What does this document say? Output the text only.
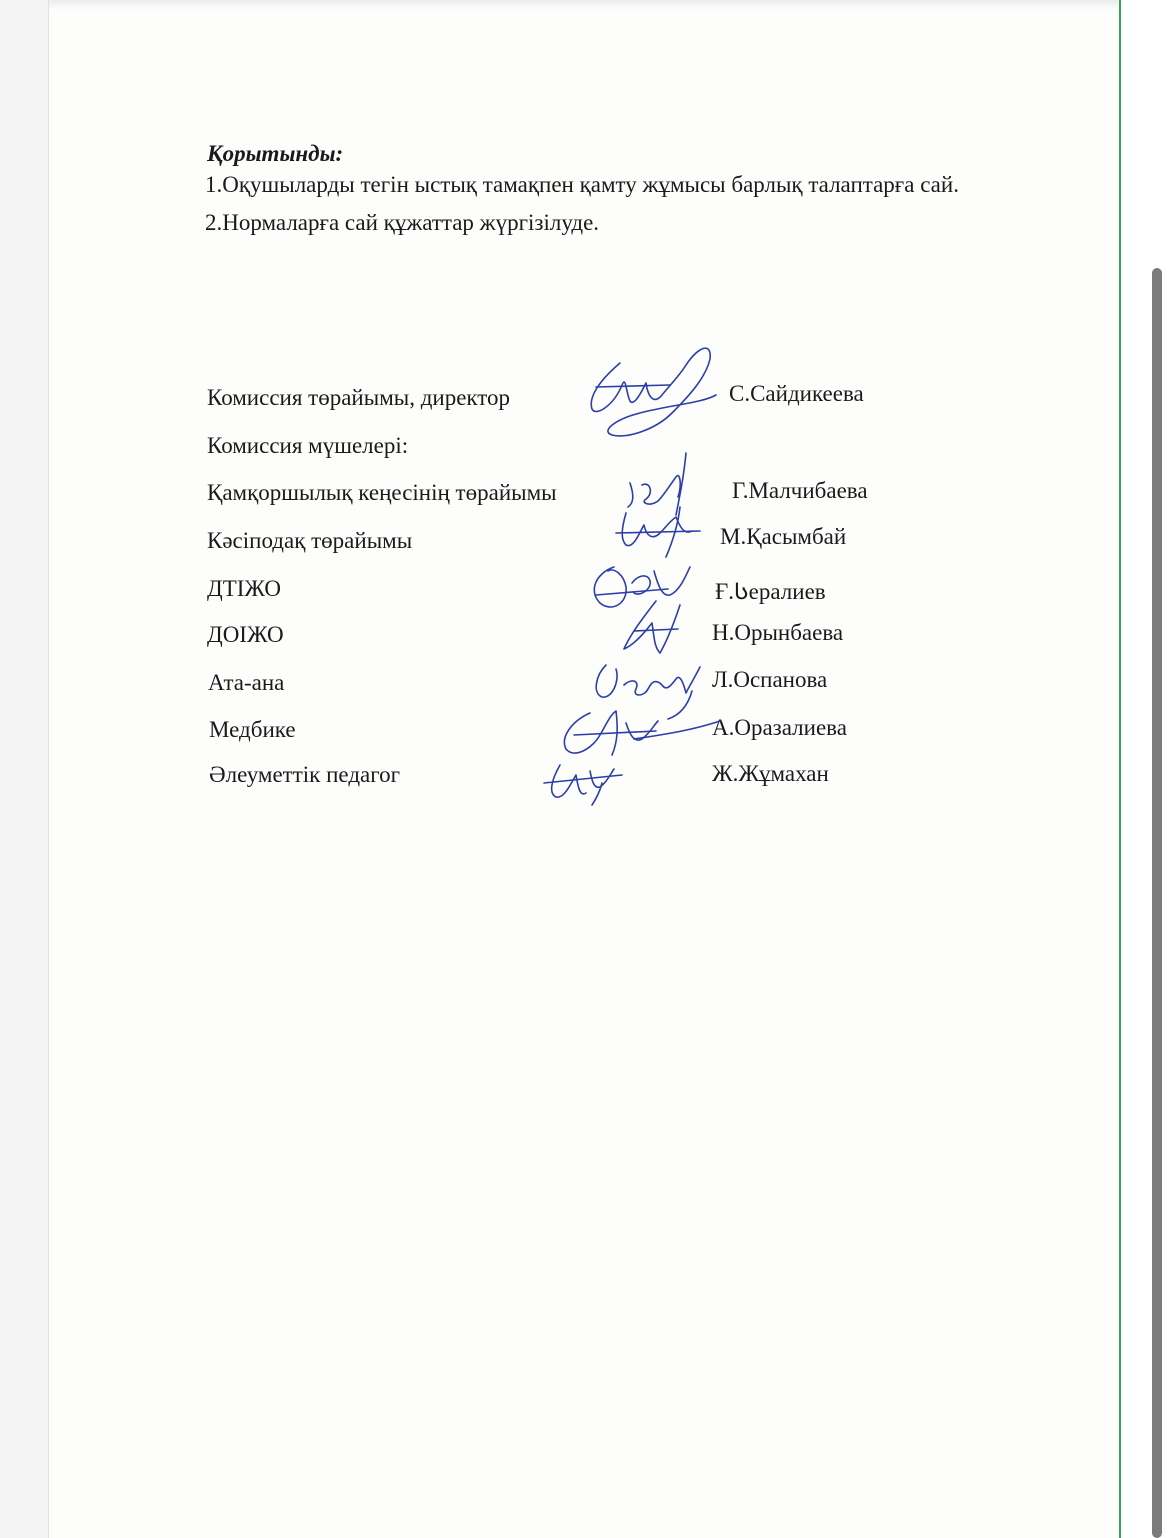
Қорытынды:
1.Оқушыларды тегін ыстық тамақпен қамту жұмысы барлық талаптарға сай.
2.Нормаларға сай құжаттар жүргізілуде.
Комиссия төрайымы, директор	С.Сайдикеева
Комиссия мүшелері:
Қамқоршылық кеңесінің төрайымы	Г.Малчибаева
Кәсіподақ төрайымы	М.Қасымбай
ДТІЖО	Ғ.Სералиев
ДОІЖО	Н.Орынбаева
Ата-ана	Л.Оспанова
Медбике	А.Оразалиева
Әлеуметтік педагог	Ж.Жұмахан
